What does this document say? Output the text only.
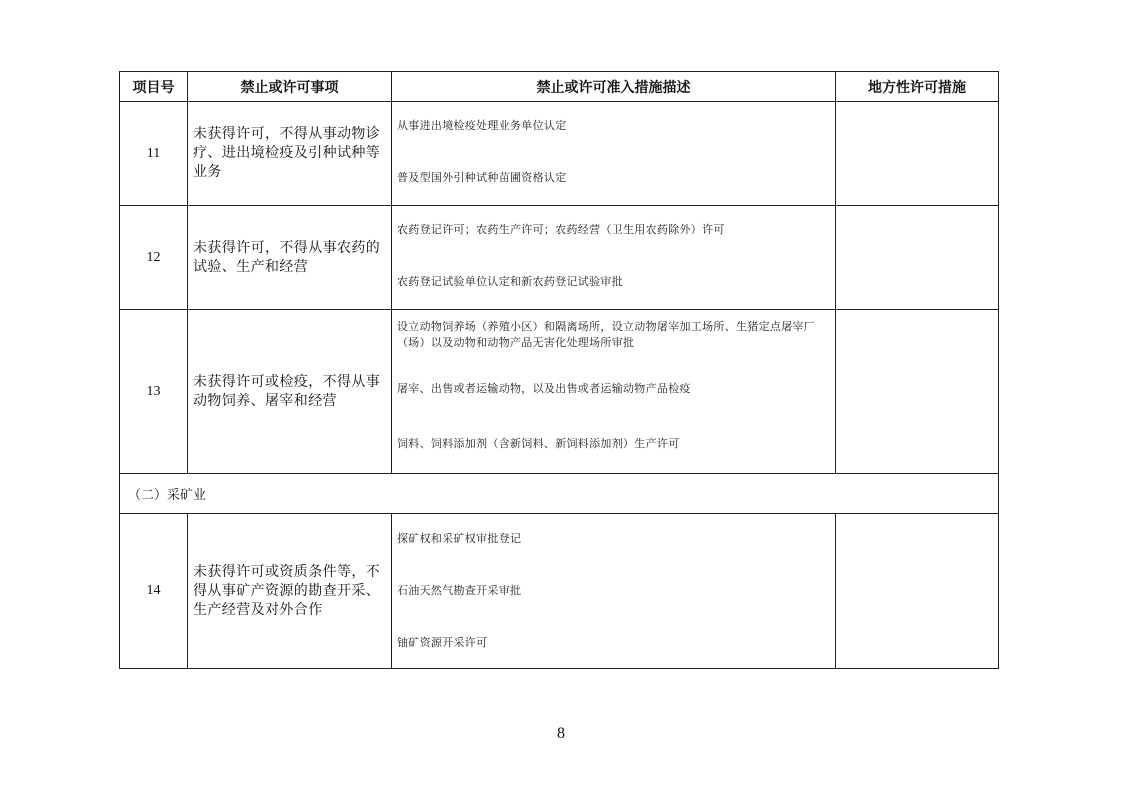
项目号	禁止或许可事项	禁止或许可准入措施描述	地方性许可措施
11	未获得许可，不得从事动物诊疗、进出境检疫及引种试种等业务	从事进出境检疫处理业务单位认定
普及型国外引种试种苗圃资格认定	

12	未获得许可，不得从事农药的试验、生产和经营	农药登记许可；农药生产许可；农药经营（卫生用农药除外）许可
农药登记试验单位认定和新农药登记试验审批	

13	未获得许可或检疫，不得从事动物饲养、屠宰和经营	设立动物饲养场（养殖小区）和隔离场所，设立动物屠宰加工场所、生猪定点屠宰厂（场）以及动物和动物产品无害化处理场所审批
屠宰、出售或者运输动物，以及出售或者运输动物产品检疫
饲料、饲料添加剂（含新饲料、新饲料添加剂）生产许可	

（二）采矿业			
14	未获得许可或资质条件等，不得从事矿产资源的勘查开采、生产经营及对外合作	探矿权和采矿权审批登记
石油天然气勘查开采审批
铀矿资源开采许可	

8
